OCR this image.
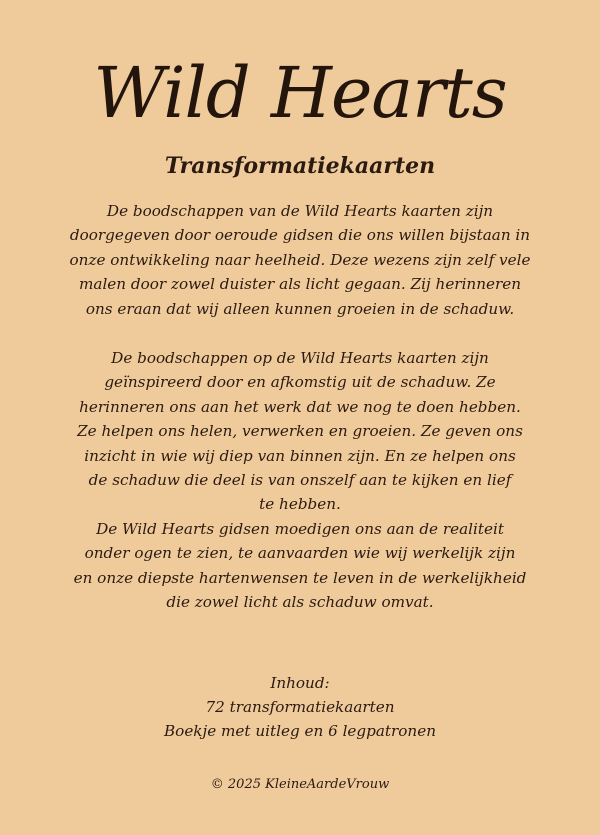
Wild Hearts
Transformatiekaarten

De boodschappen van de Wild Hearts kaarten zijn
doorgegeven door oeroude gidsen die ons willen bijstaan in
onze ontwikkeling naar heelheid. Deze wezens zijn zelf vele
malen door zowel duister als licht gegaan. Zij herinneren
ons eraan dat wij alleen kunnen groeien in de schaduw.

De boodschappen op de Wild Hearts kaarten zijn
geïnspireerd door en afkomstig uit de schaduw. Ze
herinneren ons aan het werk dat we nog te doen hebben.
Ze helpen ons helen, verwerken en groeien. Ze geven ons
inzicht in wie wij diep van binnen zijn. En ze helpen ons
de schaduw die deel is van onszelf aan te kijken en lief
te hebben.
De Wild Hearts gidsen moedigen ons aan de realiteit
onder ogen te zien, te aanvaarden wie wij werkelijk zijn
en onze diepste hartenwensen te leven in de werkelijkheid
die zowel licht als schaduw omvat.

Inhoud:
72 transformatiekaarten
Boekje met uitleg en 6 legpatronen
© 2025 KleineAardeVrouw
